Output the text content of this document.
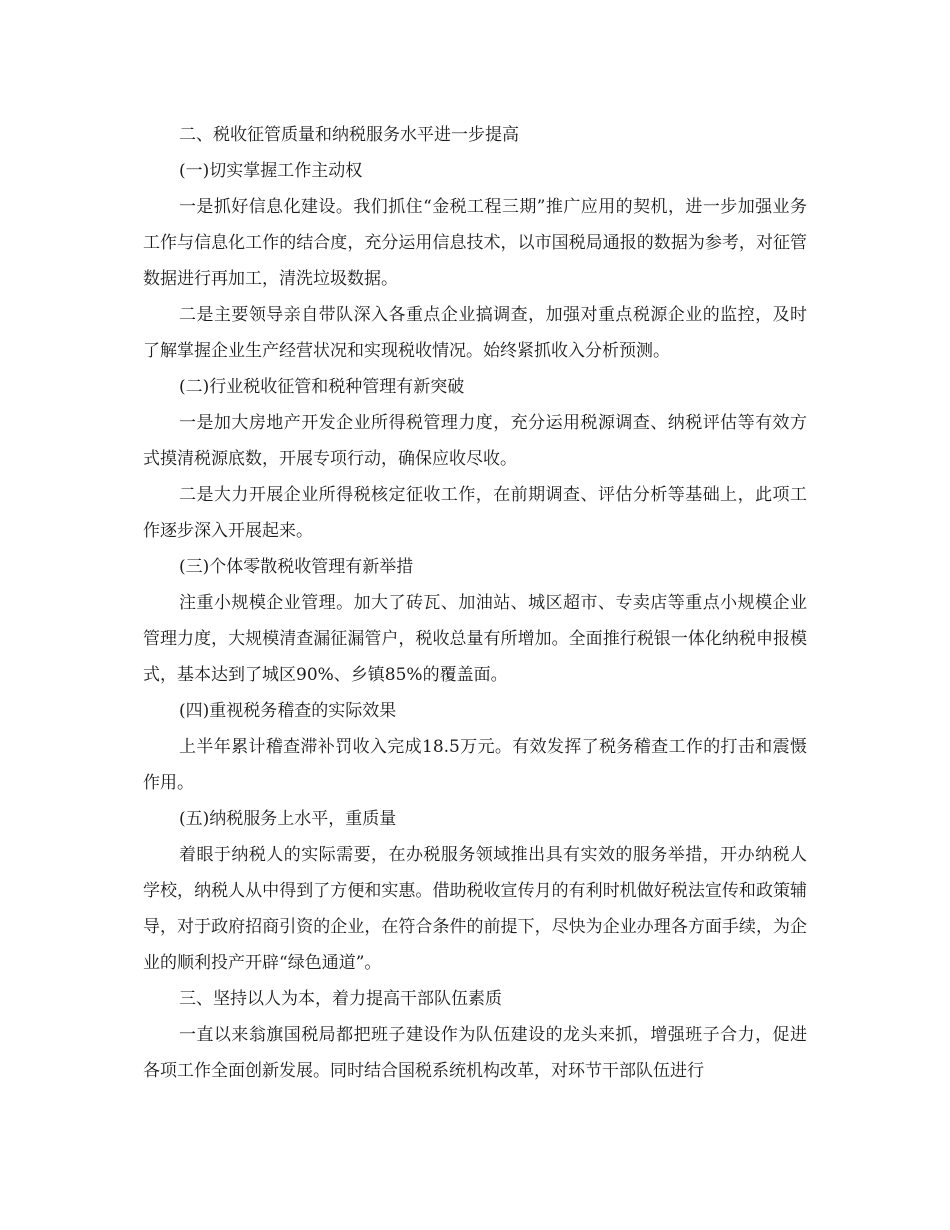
二、税收征管质量和纳税服务水平进一步提高

(一)切实掌握工作主动权

一是抓好信息化建设。我们抓住“金税工程三期”推广应用的契机，进一步加强业务工作与信息化工作的结合度，充分运用信息技术，以市国税局通报的数据为参考，对征管数据进行再加工，清洗垃圾数据。

二是主要领导亲自带队深入各重点企业搞调查，加强对重点税源企业的监控，及时了解掌握企业生产经营状况和实现税收情况。始终紧抓收入分析预测。

(二)行业税收征管和税种管理有新突破

一是加大房地产开发企业所得税管理力度，充分运用税源调查、纳税评估等有效方式摸清税源底数，开展专项行动，确保应收尽收。

二是大力开展企业所得税核定征收工作，在前期调查、评估分析等基础上，此项工作逐步深入开展起来。

(三)个体零散税收管理有新举措

注重小规模企业管理。加大了砖瓦、加油站、城区超市、专卖店等重点小规模企业管理力度，大规模清查漏征漏管户，税收总量有所增加。全面推行税银一体化纳税申报模式，基本达到了城区90%、乡镇85%的覆盖面。

(四)重视税务稽查的实际效果

上半年累计稽查滞补罚收入完成18.5万元。有效发挥了税务稽查工作的打击和震慑作用。

(五)纳税服务上水平，重质量

着眼于纳税人的实际需要，在办税服务领域推出具有实效的服务举措，开办纳税人学校，纳税人从中得到了方便和实惠。借助税收宣传月的有利时机做好税法宣传和政策辅导，对于政府招商引资的企业，在符合条件的前提下，尽快为企业办理各方面手续，为企业的顺利投产开辟“绿色通道”。

三、坚持以人为本，着力提高干部队伍素质

一直以来翁旗国税局都把班子建设作为队伍建设的龙头来抓，增强班子合力，促进各项工作全面创新发展。同时结合国税系统机构改革，对环节干部队伍进行
